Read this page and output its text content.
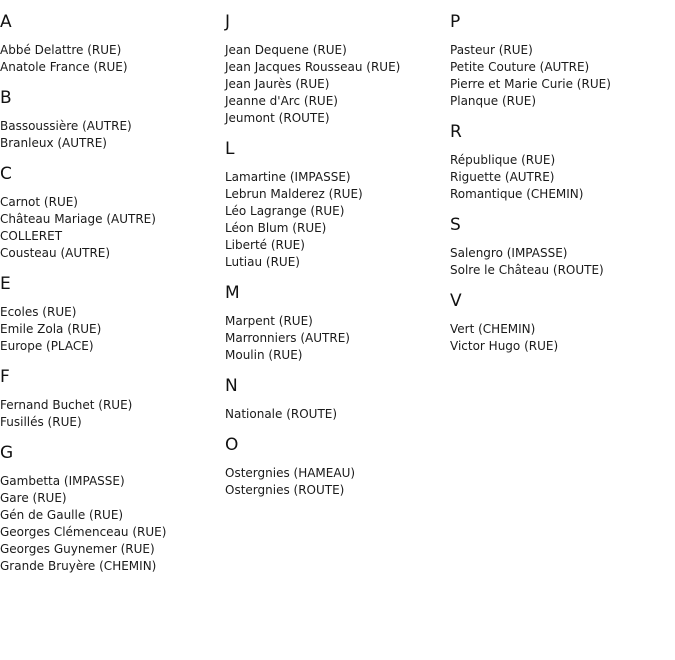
A
Abbé Delattre (RUE)
Anatole France (RUE)
B
Bassoussière (AUTRE)
Branleux (AUTRE)
C
Carnot (RUE)
Château Mariage (AUTRE)
COLLERET
Cousteau (AUTRE)
E
Ecoles (RUE)
Emile Zola (RUE)
Europe (PLACE)
F
Fernand Buchet (RUE)
Fusillés (RUE)
G
Gambetta (IMPASSE)
Gare (RUE)
Gén de Gaulle (RUE)
Georges Clémenceau (RUE)
Georges Guynemer (RUE)
Grande Bruyère (CHEMIN)
J
Jean Dequene (RUE)
Jean Jacques Rousseau (RUE)
Jean Jaurès (RUE)
Jeanne d'Arc (RUE)
Jeumont (ROUTE)
L
Lamartine (IMPASSE)
Lebrun Malderez (RUE)
Léo Lagrange (RUE)
Léon Blum (RUE)
Liberté (RUE)
Lutiau (RUE)
M
Marpent (RUE)
Marronniers (AUTRE)
Moulin (RUE)
N
Nationale (ROUTE)
O
Ostergnies (HAMEAU)
Ostergnies (ROUTE)
P
Pasteur (RUE)
Petite Couture (AUTRE)
Pierre et Marie Curie (RUE)
Planque (RUE)
R
République (RUE)
Riguette (AUTRE)
Romantique (CHEMIN)
S
Salengro (IMPASSE)
Solre le Château (ROUTE)
V
Vert (CHEMIN)
Victor Hugo (RUE)
